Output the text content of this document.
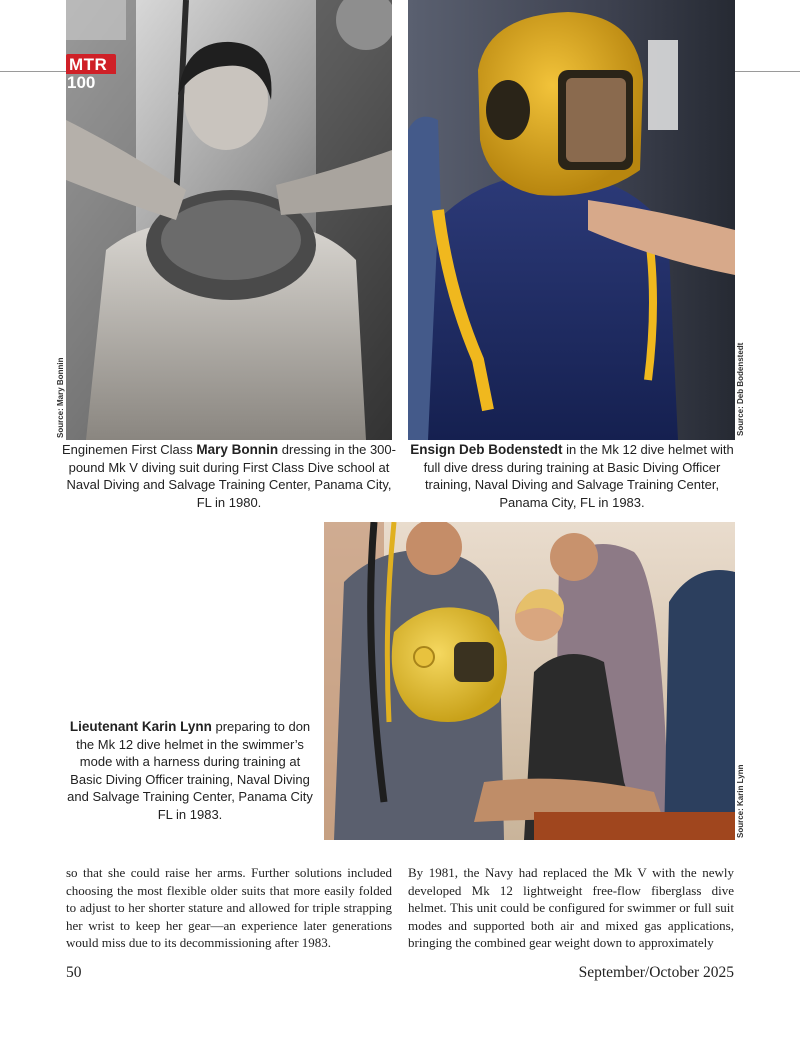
MTR
100
Source: Mary Bonnin	Source: Deb Bodenstedt
Source: Karin Lynn
Enginemen First Class Mary Bonnin dressing in the 300-pound Mk V diving suit during First Class Dive school at Naval Diving and Salvage Training Center, Panama City, FL in 1980.
Ensign Deb Bodenstedt in the Mk 12 dive helmet with full dive dress during training at Basic Diving Officer training, Naval Diving and Salvage Training Center, Panama City, FL in 1983.
Lieutenant Karin Lynn preparing to don the Mk 12 dive helmet in the swimmer’s mode with a harness during training at Basic Diving Officer training, Naval Diving and Salvage Training Center, Panama City FL in 1983.
so that she could raise her arms. Further solutions included choosing the most flexible older suits that more easily folded to adjust to her shorter stature and allowed for triple strapping her wrist to keep her gear—an experience later generations would miss due to its decommissioning after 1983.
By 1981, the Navy had replaced the Mk V with the newly developed Mk 12 lightweight free-flow fiberglass dive helmet. This unit could be configured for swimmer or full suit modes and supported both air and mixed gas applications, bringing the combined gear weight down to approximately
50	September/October 2025
